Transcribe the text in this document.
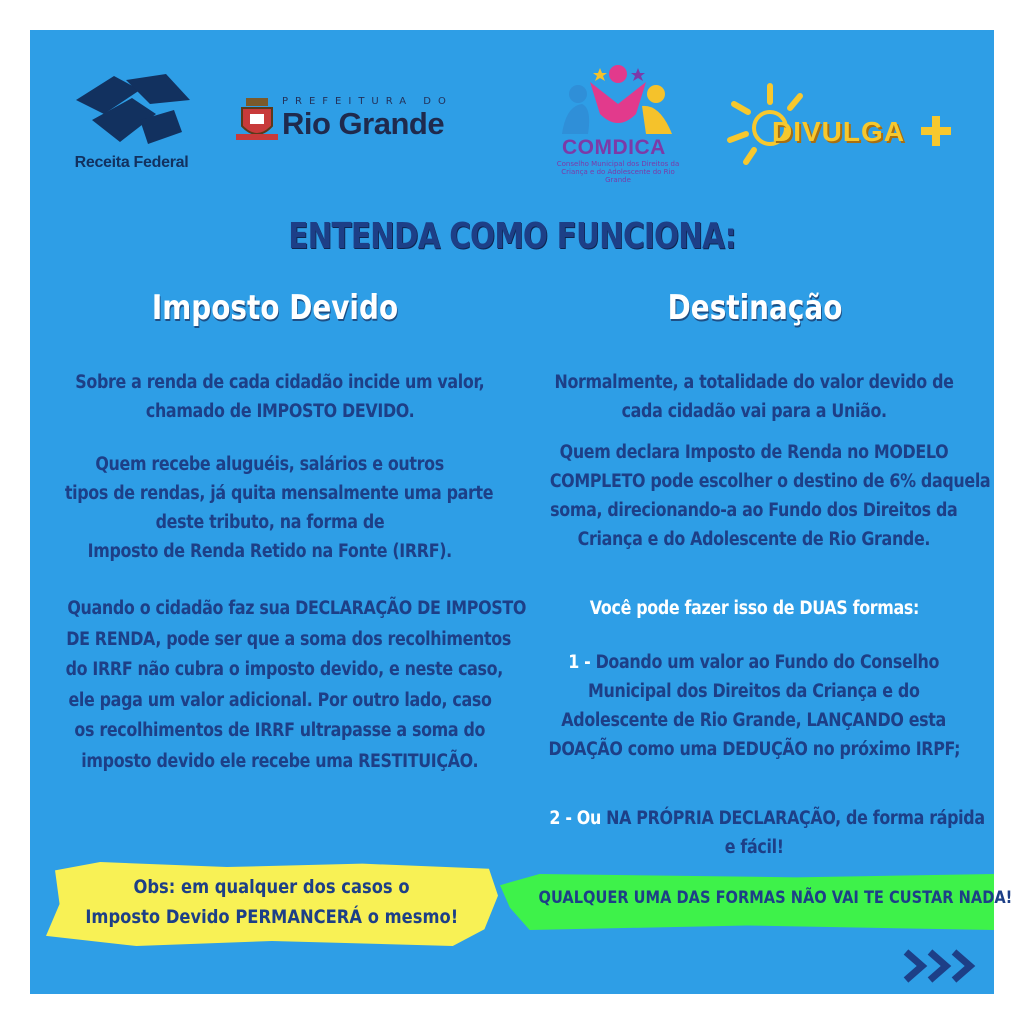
Receita Federal
PREFEITURA DO
Rio Grande
COMDICA
Conselho Municipal dos Direitos da Criança e do Adolescente do Rio Grande
DIVULGA
ENTENDA COMO FUNCIONA:
Imposto Devido	Destinação
Sobre a renda de cada cidadão incide um valor,
chamado de IMPOSTO DEVIDO.
Quem recebe aluguéis, salários e outros
tipos de rendas, já quita mensalmente uma parte
deste tributo, na forma de
Imposto de Renda Retido na Fonte (IRRF).
Quando o cidadão faz sua DECLARAÇÃO DE IMPOSTO
DE RENDA, pode ser que a soma dos recolhimentos
do IRRF não cubra o imposto devido, e neste caso,
ele paga um valor adicional. Por outro lado, caso
os recolhimentos de IRRF ultrapasse a soma do
imposto devido ele recebe uma RESTITUIÇÃO.
Normalmente, a totalidade do valor devido de
cada cidadão vai para a União.
Quem declara Imposto de Renda no MODELO
COMPLETO pode escolher o destino de 6% daquela
soma, direcionando-a ao Fundo dos Direitos da
Criança e do Adolescente de Rio Grande.
Você pode fazer isso de DUAS formas:
1 - Doando um valor ao Fundo do Conselho
Municipal dos Direitos da Criança e do
Adolescente de Rio Grande, LANÇANDO esta
DOAÇÃO como uma DEDUÇÃO no próximo IRPF;
2 - Ou NA PRÓPRIA DECLARAÇÃO, de forma rápida
e fácil!
Obs: em qualquer dos casos o
Imposto Devido PERMANCERÁ o mesmo!
QUALQUER UMA DAS FORMAS NÃO VAI TE CUSTAR NADA!
